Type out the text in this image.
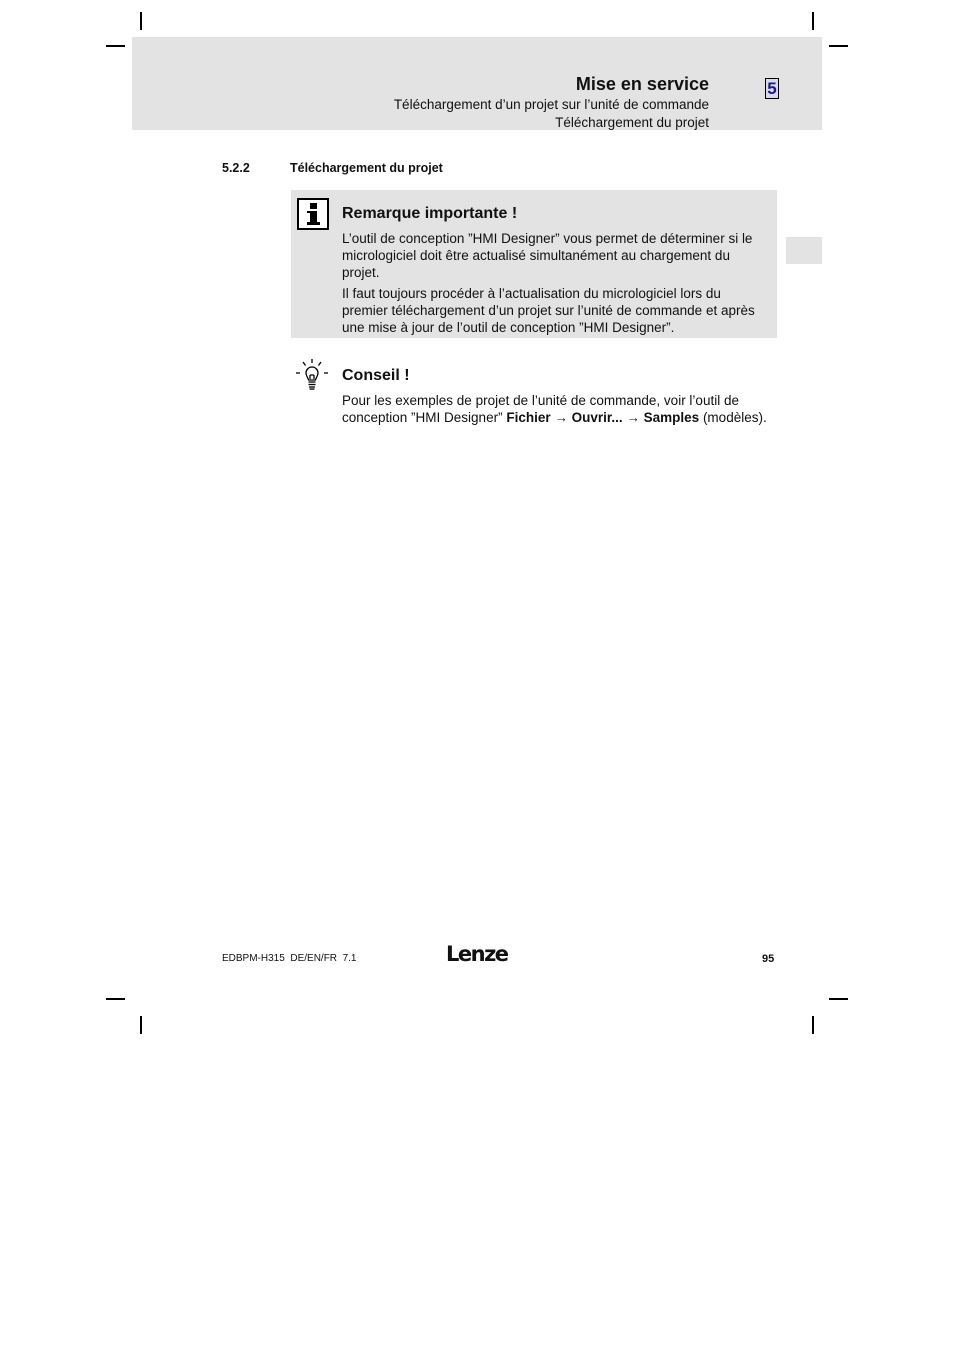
Mise en service
Téléchargement d’un projet sur l’unité de commande
Téléchargement du projet
5
5.2.2	Téléchargement du projet
Remarque importante !
L’outil de conception ”HMI Designer” vous permet de déterminer si le micrologiciel doit être actualisé simultanément au chargement du projet.
Il faut toujours procéder à l’actualisation du micrologiciel lors du premier téléchargement d’un projet sur l’unité de commande et après une mise à jour de l’outil de conception ”HMI Designer”.
Conseil !
Pour les exemples de projet de l’unité de commande, voir l’outil de conception ”HMI Designer” Fichier → Ouvrir... → Samples (modèles).
EDBPM-H315  DE/EN/FR  7.1	Lenze	95
